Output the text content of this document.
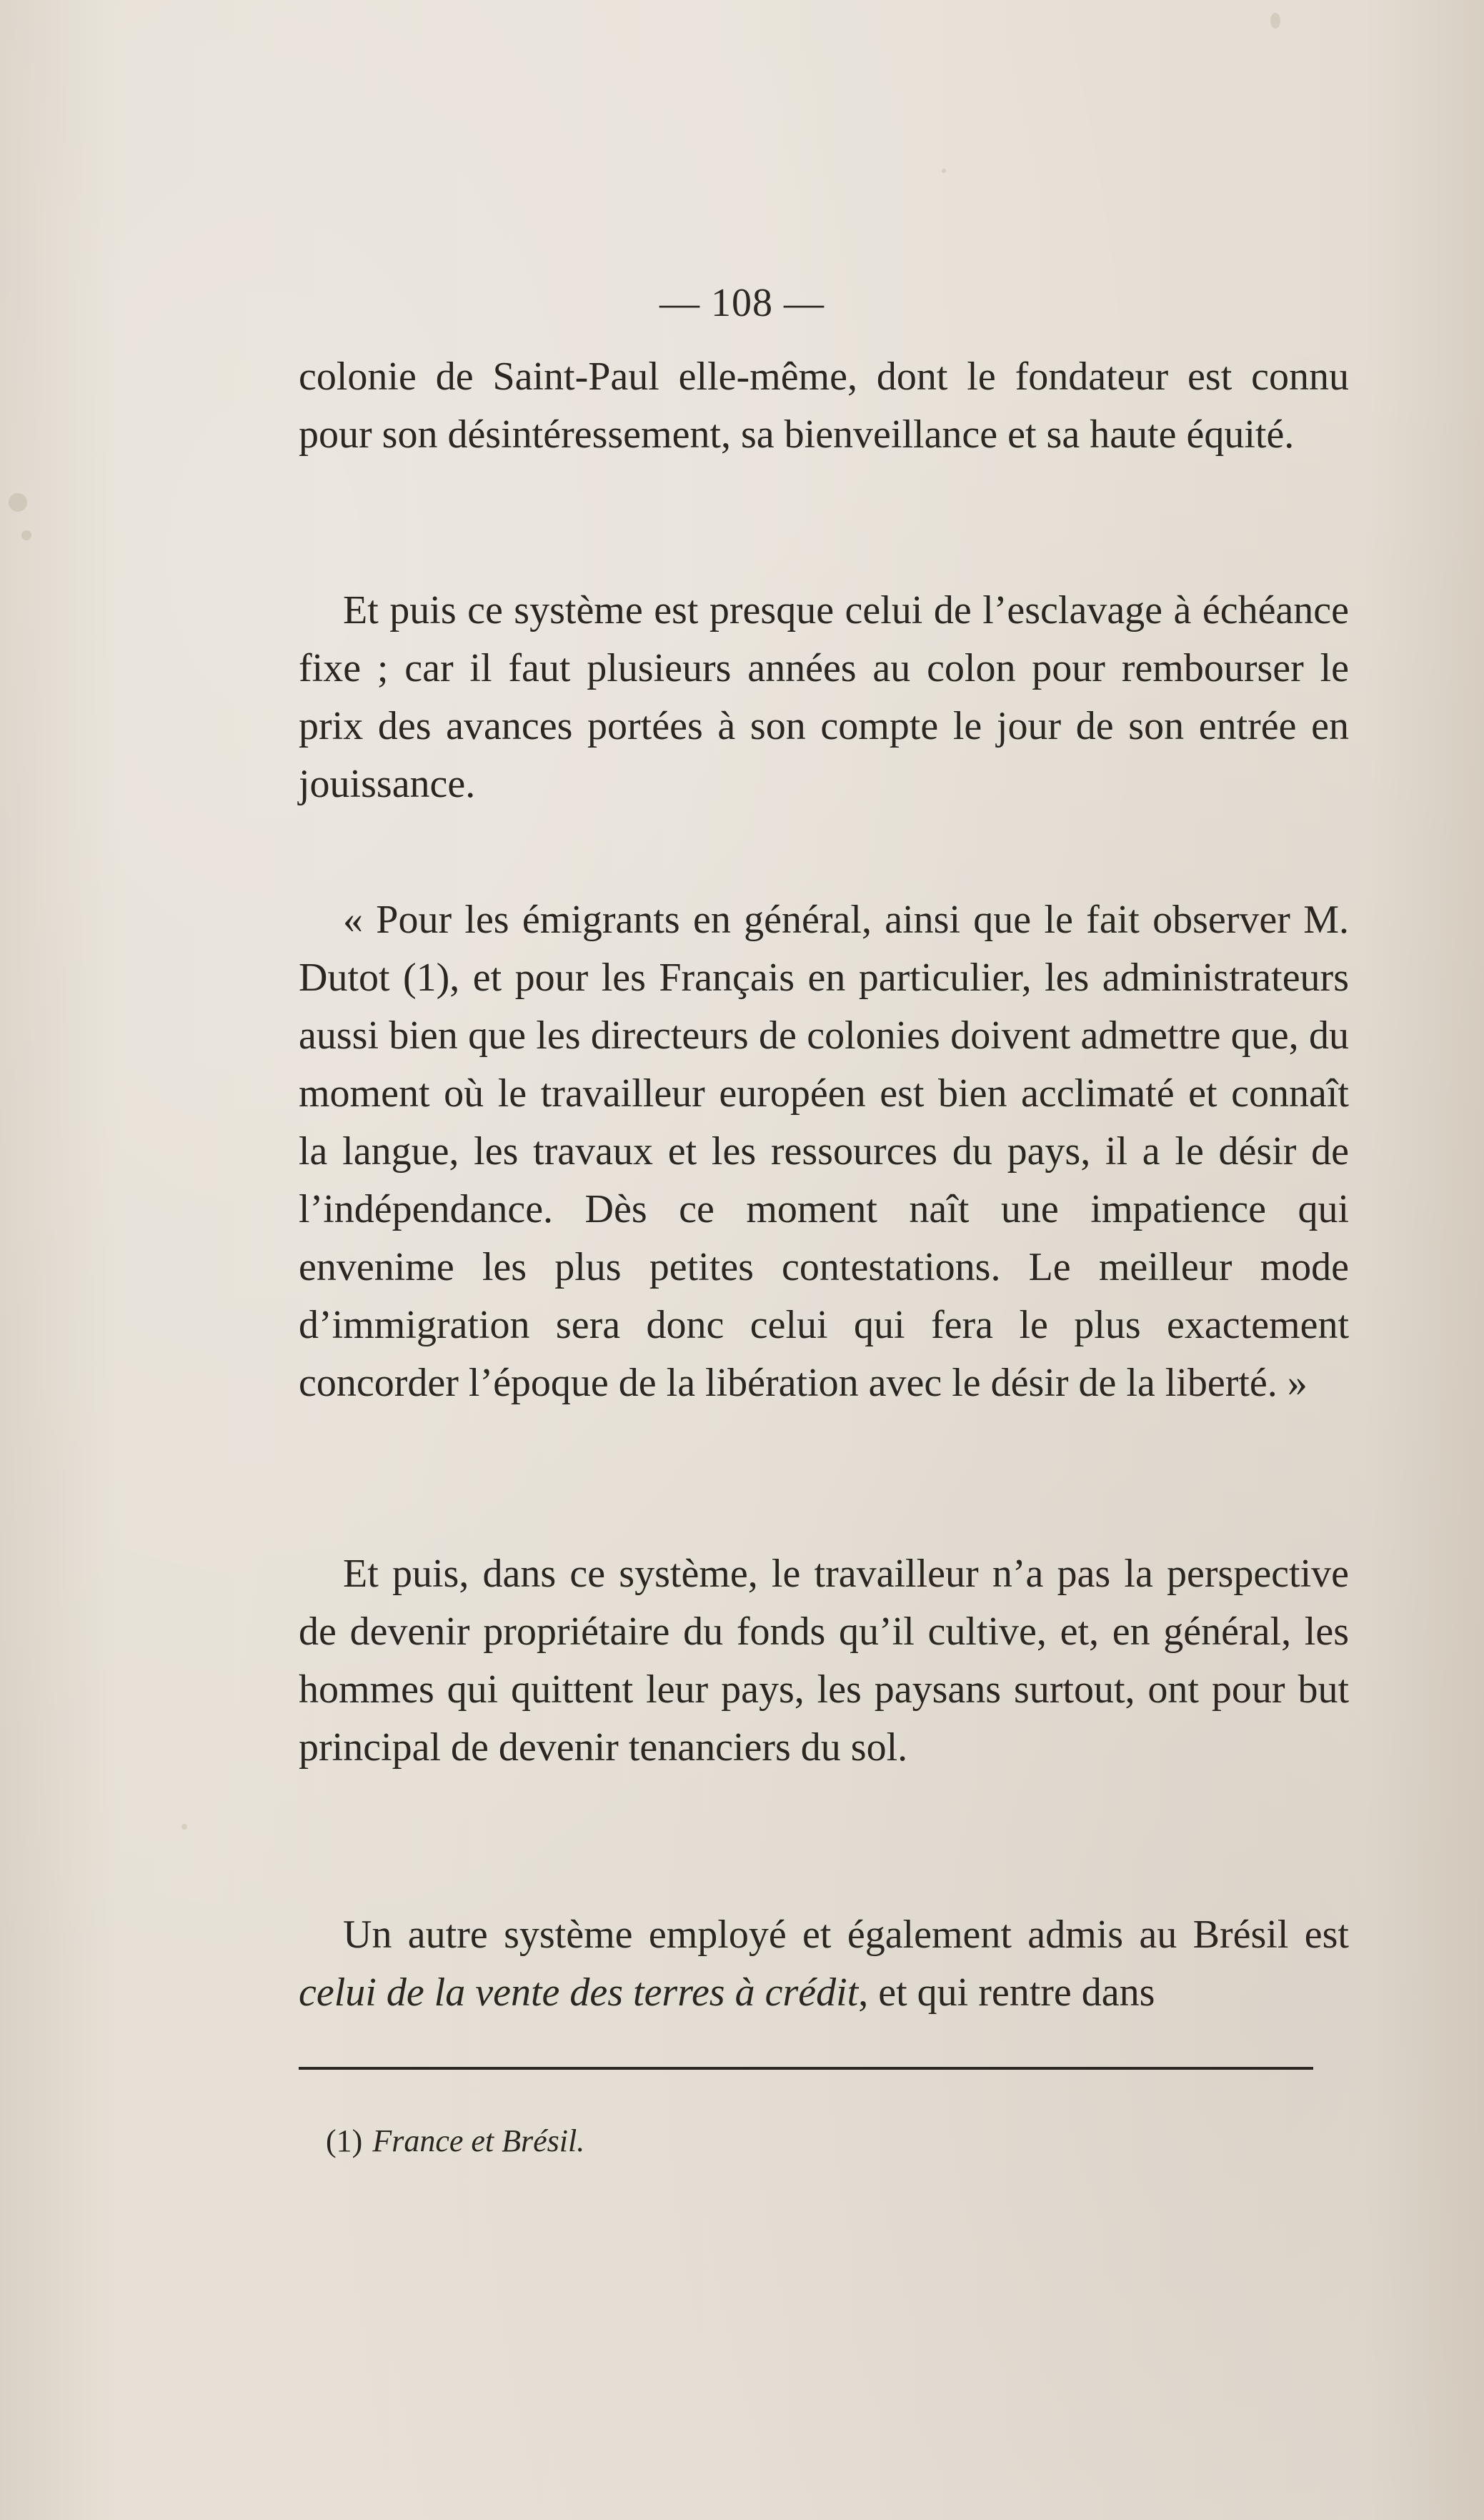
— 108 —

colonie de Saint-Paul elle-même, dont le fondateur est connu pour son désintéressement, sa bienveillance et sa haute équité.

Et puis ce système est presque celui de l’esclavage à échéance fixe ; car il faut plusieurs années au colon pour rembourser le prix des avances portées à son compte le jour de son entrée en jouissance.

« Pour les émigrants en général, ainsi que le fait observer M. Dutot (1), et pour les Français en particulier, les administrateurs aussi bien que les directeurs de colonies doivent admettre que, du moment où le travailleur européen est bien acclimaté et connaît la langue, les travaux et les ressources du pays, il a le désir de l’indépendance. Dès ce moment naît une impatience qui envenime les plus petites contestations. Le meilleur mode d’immigration sera donc celui qui fera le plus exactement concorder l’époque de la libération avec le désir de la liberté. »

Et puis, dans ce système, le travailleur n’a pas la perspective de devenir propriétaire du fonds qu’il cultive, et, en général, les hommes qui quittent leur pays, les paysans surtout, ont pour but principal de devenir tenanciers du sol.

Un autre système employé et également admis au Brésil est celui de la vente des terres à crédit, et qui rentre dans

(1) France et Brésil.
